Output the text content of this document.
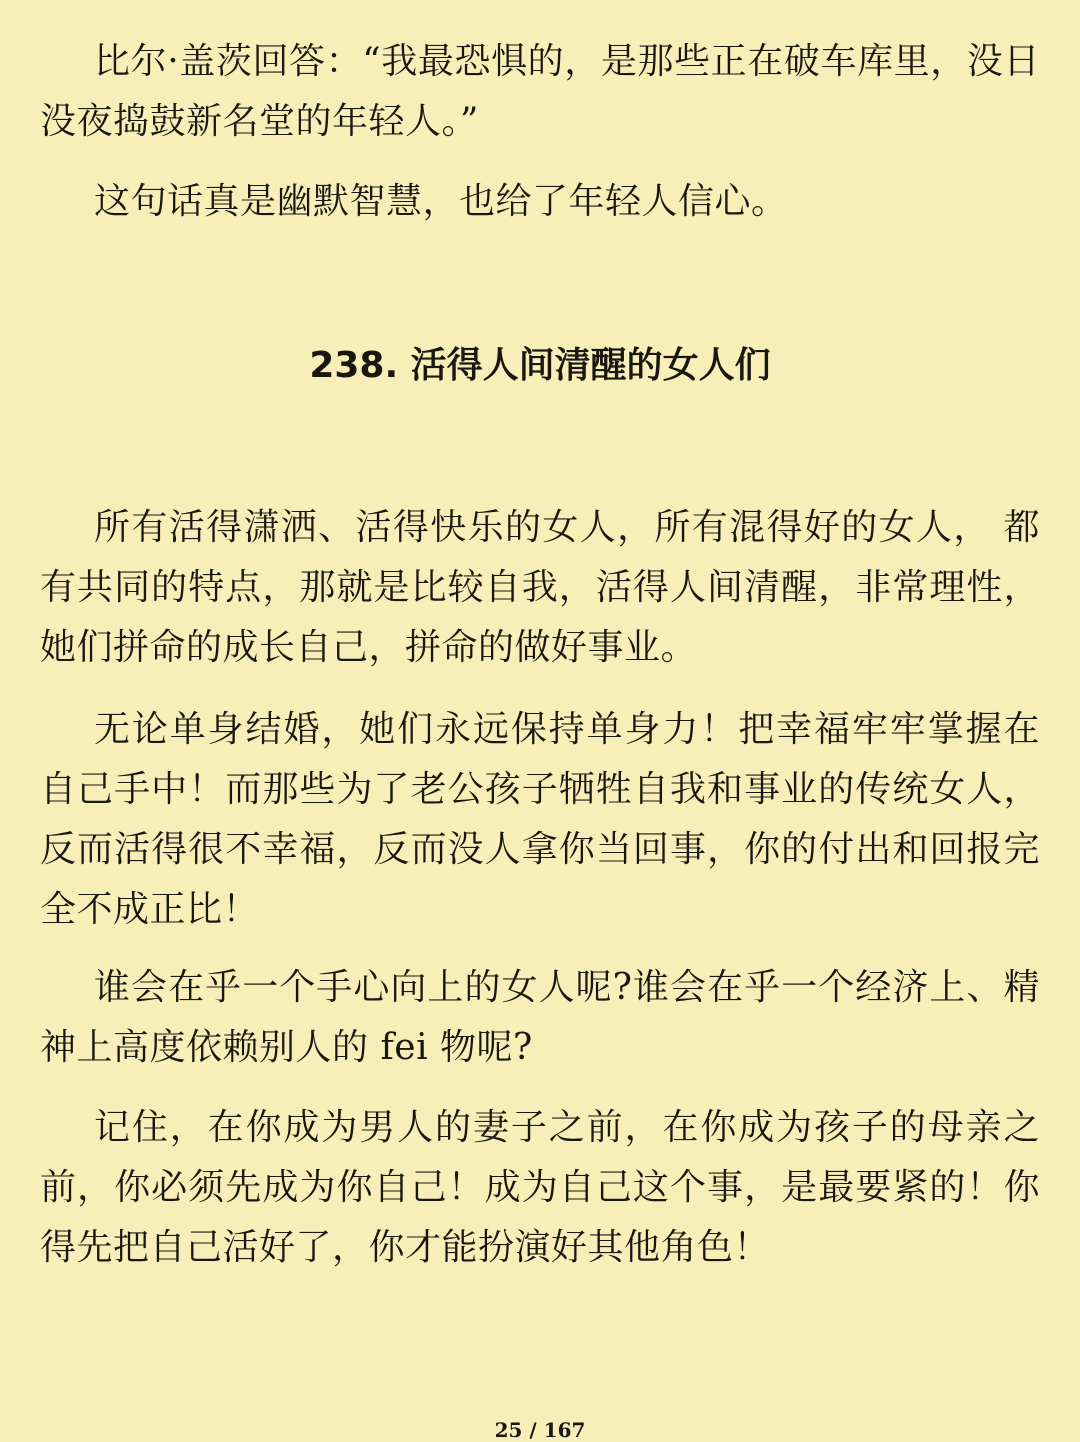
比尔·盖茨回答：“我最恐惧的，是那些正在破车库里，没日没夜捣鼓新名堂的年轻人。”

这句话真是幽默智慧，也给了年轻人信心。

238. 活得人间清醒的女人们

所有活得潇洒、活得快乐的女人，所有混得好的女人， 都有共同的特点，那就是比较自我，活得人间清醒，非常理性，她们拼命的成长自己，拼命的做好事业。

无论单身结婚，她们永远保持单身力！把幸福牢牢掌握在自己手中！而那些为了老公孩子牺牲自我和事业的传统女人，反而活得很不幸福，反而没人拿你当回事，你的付出和回报完全不成正比！

谁会在乎一个手心向上的女人呢?谁会在乎一个经济上、精神上高度依赖别人的 fei 物呢?

记住，在你成为男人的妻子之前，在你成为孩子的母亲之前，你必须先成为你自己！成为自己这个事，是最要紧的！你得先把自己活好了，你才能扮演好其他角色！

25 / 167
